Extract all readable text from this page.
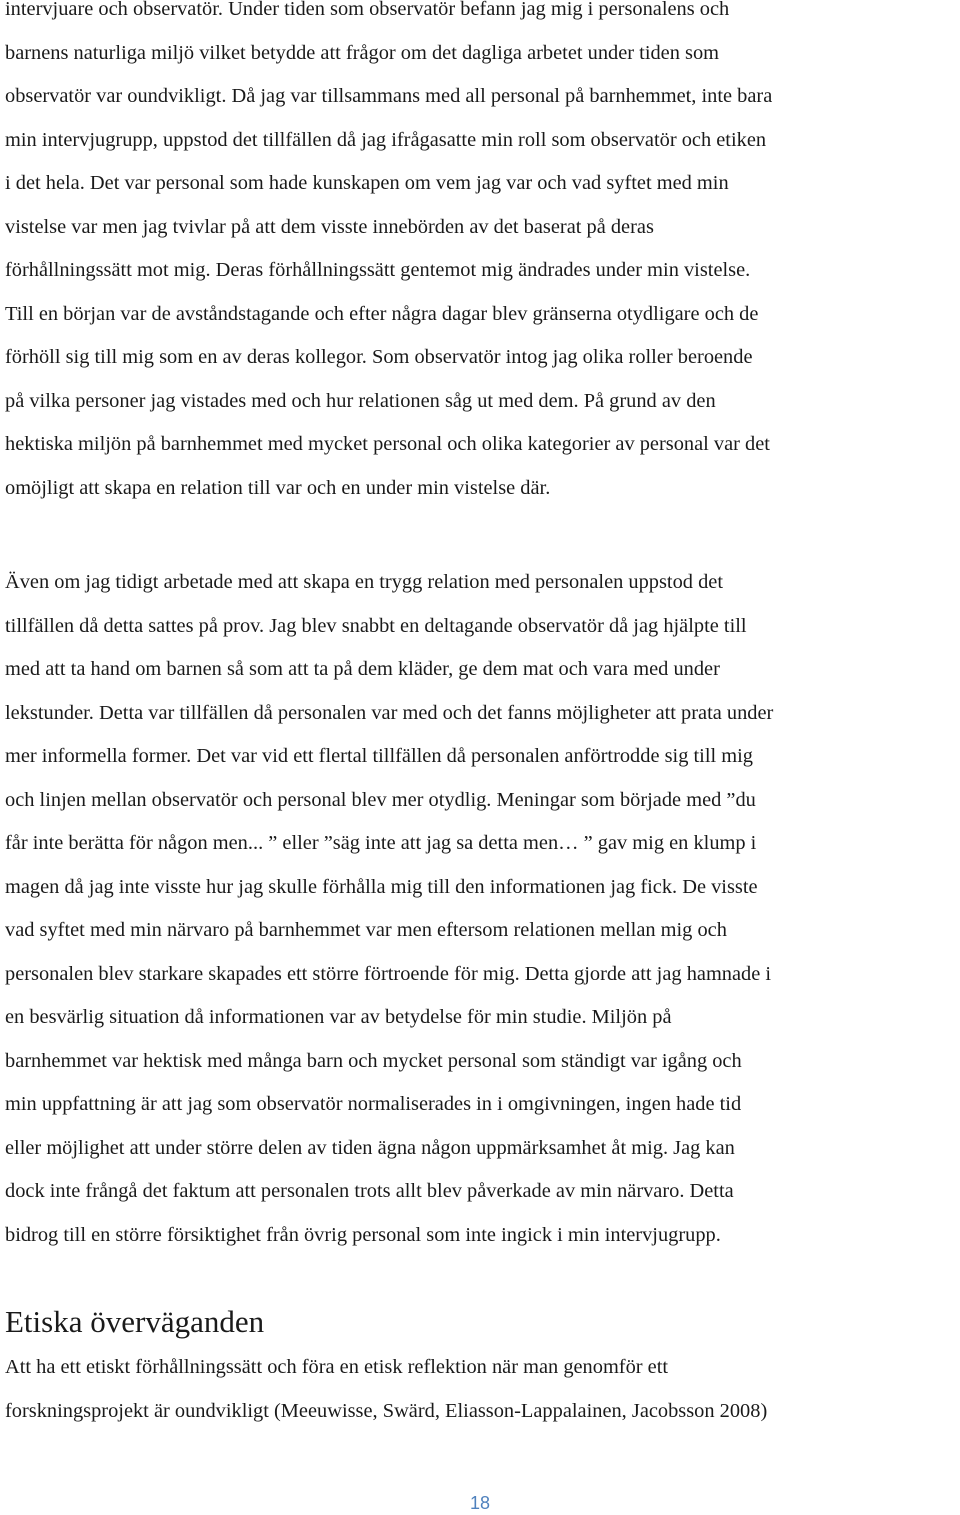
intervjuare och observatör. Under tiden som observatör befann jag mig i personalens och
barnens naturliga miljö vilket betydde att frågor om det dagliga arbetet under tiden som
observatör var oundvikligt. Då jag var tillsammans med all personal på barnhemmet, inte bara
min intervjugrupp, uppstod det tillfällen då jag ifrågasatte min roll som observatör och etiken
i det hela. Det var personal som hade kunskapen om vem jag var och vad syftet med min
vistelse var men jag tvivlar på att dem visste innebörden av det baserat på deras
förhållningssätt mot mig. Deras förhållningssätt gentemot mig ändrades under min vistelse.
Till en början var de avståndstagande och efter några dagar blev gränserna otydligare och de
förhöll sig till mig som en av deras kollegor. Som observatör intog jag olika roller beroende
på vilka personer jag vistades med och hur relationen såg ut med dem. På grund av den
hektiska miljön på barnhemmet med mycket personal och olika kategorier av personal var det
omöjligt att skapa en relation till var och en under min vistelse där.

Även om jag tidigt arbetade med att skapa en trygg relation med personalen uppstod det
tillfällen då detta sattes på prov. Jag blev snabbt en deltagande observatör då jag hjälpte till
med att ta hand om barnen så som att ta på dem kläder, ge dem mat och vara med under
lekstunder. Detta var tillfällen då personalen var med och det fanns möjligheter att prata under
mer informella former. Det var vid ett flertal tillfällen då personalen anförtrodde sig till mig
och linjen mellan observatör och personal blev mer otydlig. Meningar som började med ”du
får inte berätta för någon men... ” eller ”säg inte att jag sa detta men… ” gav mig en klump i
magen då jag inte visste hur jag skulle förhålla mig till den informationen jag fick. De visste
vad syftet med min närvaro på barnhemmet var men eftersom relationen mellan mig och
personalen blev starkare skapades ett större förtroende för mig. Detta gjorde att jag hamnade i
en besvärlig situation då informationen var av betydelse för min studie. Miljön på
barnhemmet var hektisk med många barn och mycket personal som ständigt var igång och
min uppfattning är att jag som observatör normaliserades in i omgivningen, ingen hade tid
eller möjlighet att under större delen av tiden ägna någon uppmärksamhet åt mig. Jag kan
dock inte frångå det faktum att personalen trots allt blev påverkade av min närvaro. Detta
bidrog till en större försiktighet från övrig personal som inte ingick i min intervjugrupp.

Etiska överväganden

Att ha ett etiskt förhållningssätt och föra en etisk reflektion när man genomför ett
forskningsprojekt är oundvikligt (Meeuwisse, Swärd, Eliasson-Lappalainen, Jacobsson 2008)

18
